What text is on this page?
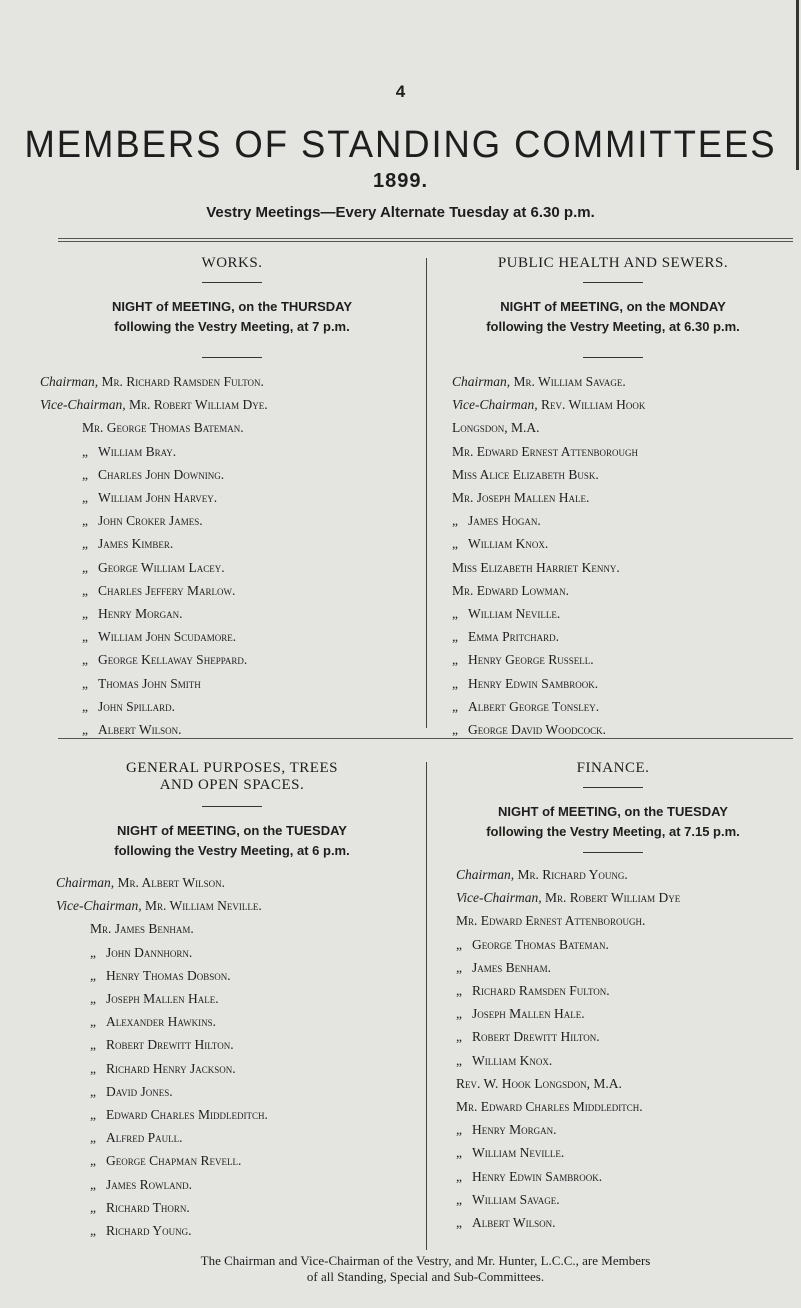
4
MEMBERS OF STANDING COMMITTEES
1899.
Vestry Meetings—Every Alternate Tuesday at 6.30 p.m.
WORKS.
NIGHT of MEETING, on the THURSDAY
following the Vestry Meeting, at 7 p.m.
Chairman, Mr. Richard Ramsden Fulton.
Vice-Chairman, Mr. Robert William Dye.
Mr. George Thomas Bateman.
„ William Bray.
„ Charles John Downing.
„ William John Harvey.
„ John Croker James.
„ James Kimber.
„ George William Lacey.
„ Charles Jeffery Marlow.
„ Henry Morgan.
„ William John Scudamore.
„ George Kellaway Sheppard.
„ Thomas John Smith
„ John Spillard.
„ Albert Wilson.
PUBLIC HEALTH AND SEWERS.
NIGHT of MEETING, on the MONDAY
following the Vestry Meeting, at 6.30 p.m.
Chairman, Mr. William Savage.
Vice-Chairman, Rev. William Hook
Longsdon, M.A.
Mr. Edward Ernest Attenborough
Miss Alice Elizabeth Busk.
Mr. Joseph Mallen Hale.
„ James Hogan.
„ William Knox.
Miss Elizabeth Harriet Kenny.
Mr. Edward Lowman.
„ William Neville.
„ Emma Pritchard.
„ Henry George Russell.
„ Henry Edwin Sambrook.
„ Albert George Tonsley.
„ George David Woodcock.
GENERAL PURPOSES, TREES
AND OPEN SPACES.
NIGHT of MEETING, on the TUESDAY
following the Vestry Meeting, at 6 p.m.
Chairman, Mr. Albert Wilson.
Vice-Chairman, Mr. William Neville.
Mr. James Benham.
„ John Dannhorn.
„ Henry Thomas Dobson.
„ Joseph Mallen Hale.
„ Alexander Hawkins.
„ Robert Drewitt Hilton.
„ Richard Henry Jackson.
„ David Jones.
„ Edward Charles Middleditch.
„ Alfred Paull.
„ George Chapman Revell.
„ James Rowland.
„ Richard Thorn.
„ Richard Young.
FINANCE.
NIGHT of MEETING, on the TUESDAY
following the Vestry Meeting, at 7.15 p.m.
Chairman, Mr. Richard Young.
Vice-Chairman, Mr. Robert William Dye
Mr. Edward Ernest Attenborough.
„ George Thomas Bateman.
„ James Benham.
„ Richard Ramsden Fulton.
„ Joseph Mallen Hale.
„ Robert Drewitt Hilton.
„ William Knox.
Rev. W. Hook Longsdon, M.A.
Mr. Edward Charles Middleditch.
„ Henry Morgan.
„ William Neville.
„ Henry Edwin Sambrook.
„ William Savage.
„ Albert Wilson.
The Chairman and Vice-Chairman of the Vestry, and Mr. Hunter, L.C.C., are Members
of all Standing, Special and Sub-Committees.
